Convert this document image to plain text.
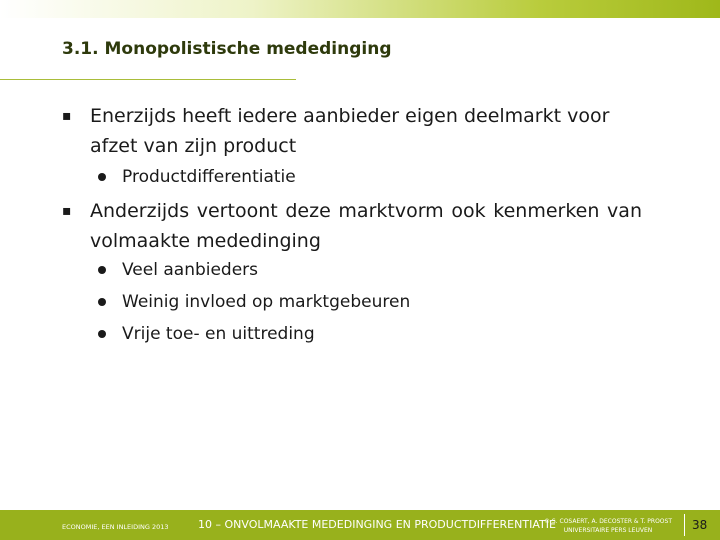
3.1. Monopolistische mededinging
▪ Enerzijds heeft iedere aanbieder eigen deelmarkt voor afzet van zijn product
Productdifferentiatie
▪ Anderzijds vertoont deze marktvorm ook kenmerken van volmaakte mededinging
Veel aanbieders
Weinig invloed op marktgebeuren
Vrije toe- en uittreding
ECONOMIE, EEN INLEIDING 2013	10 – ONVOLMAAKTE MEDEDINGING EN PRODUCTDIFFERENTIATIE
© S. COSAERT, A. DECOSTER & T. PROOST
UNIVERSITAIRE PERS LEUVEN	38
